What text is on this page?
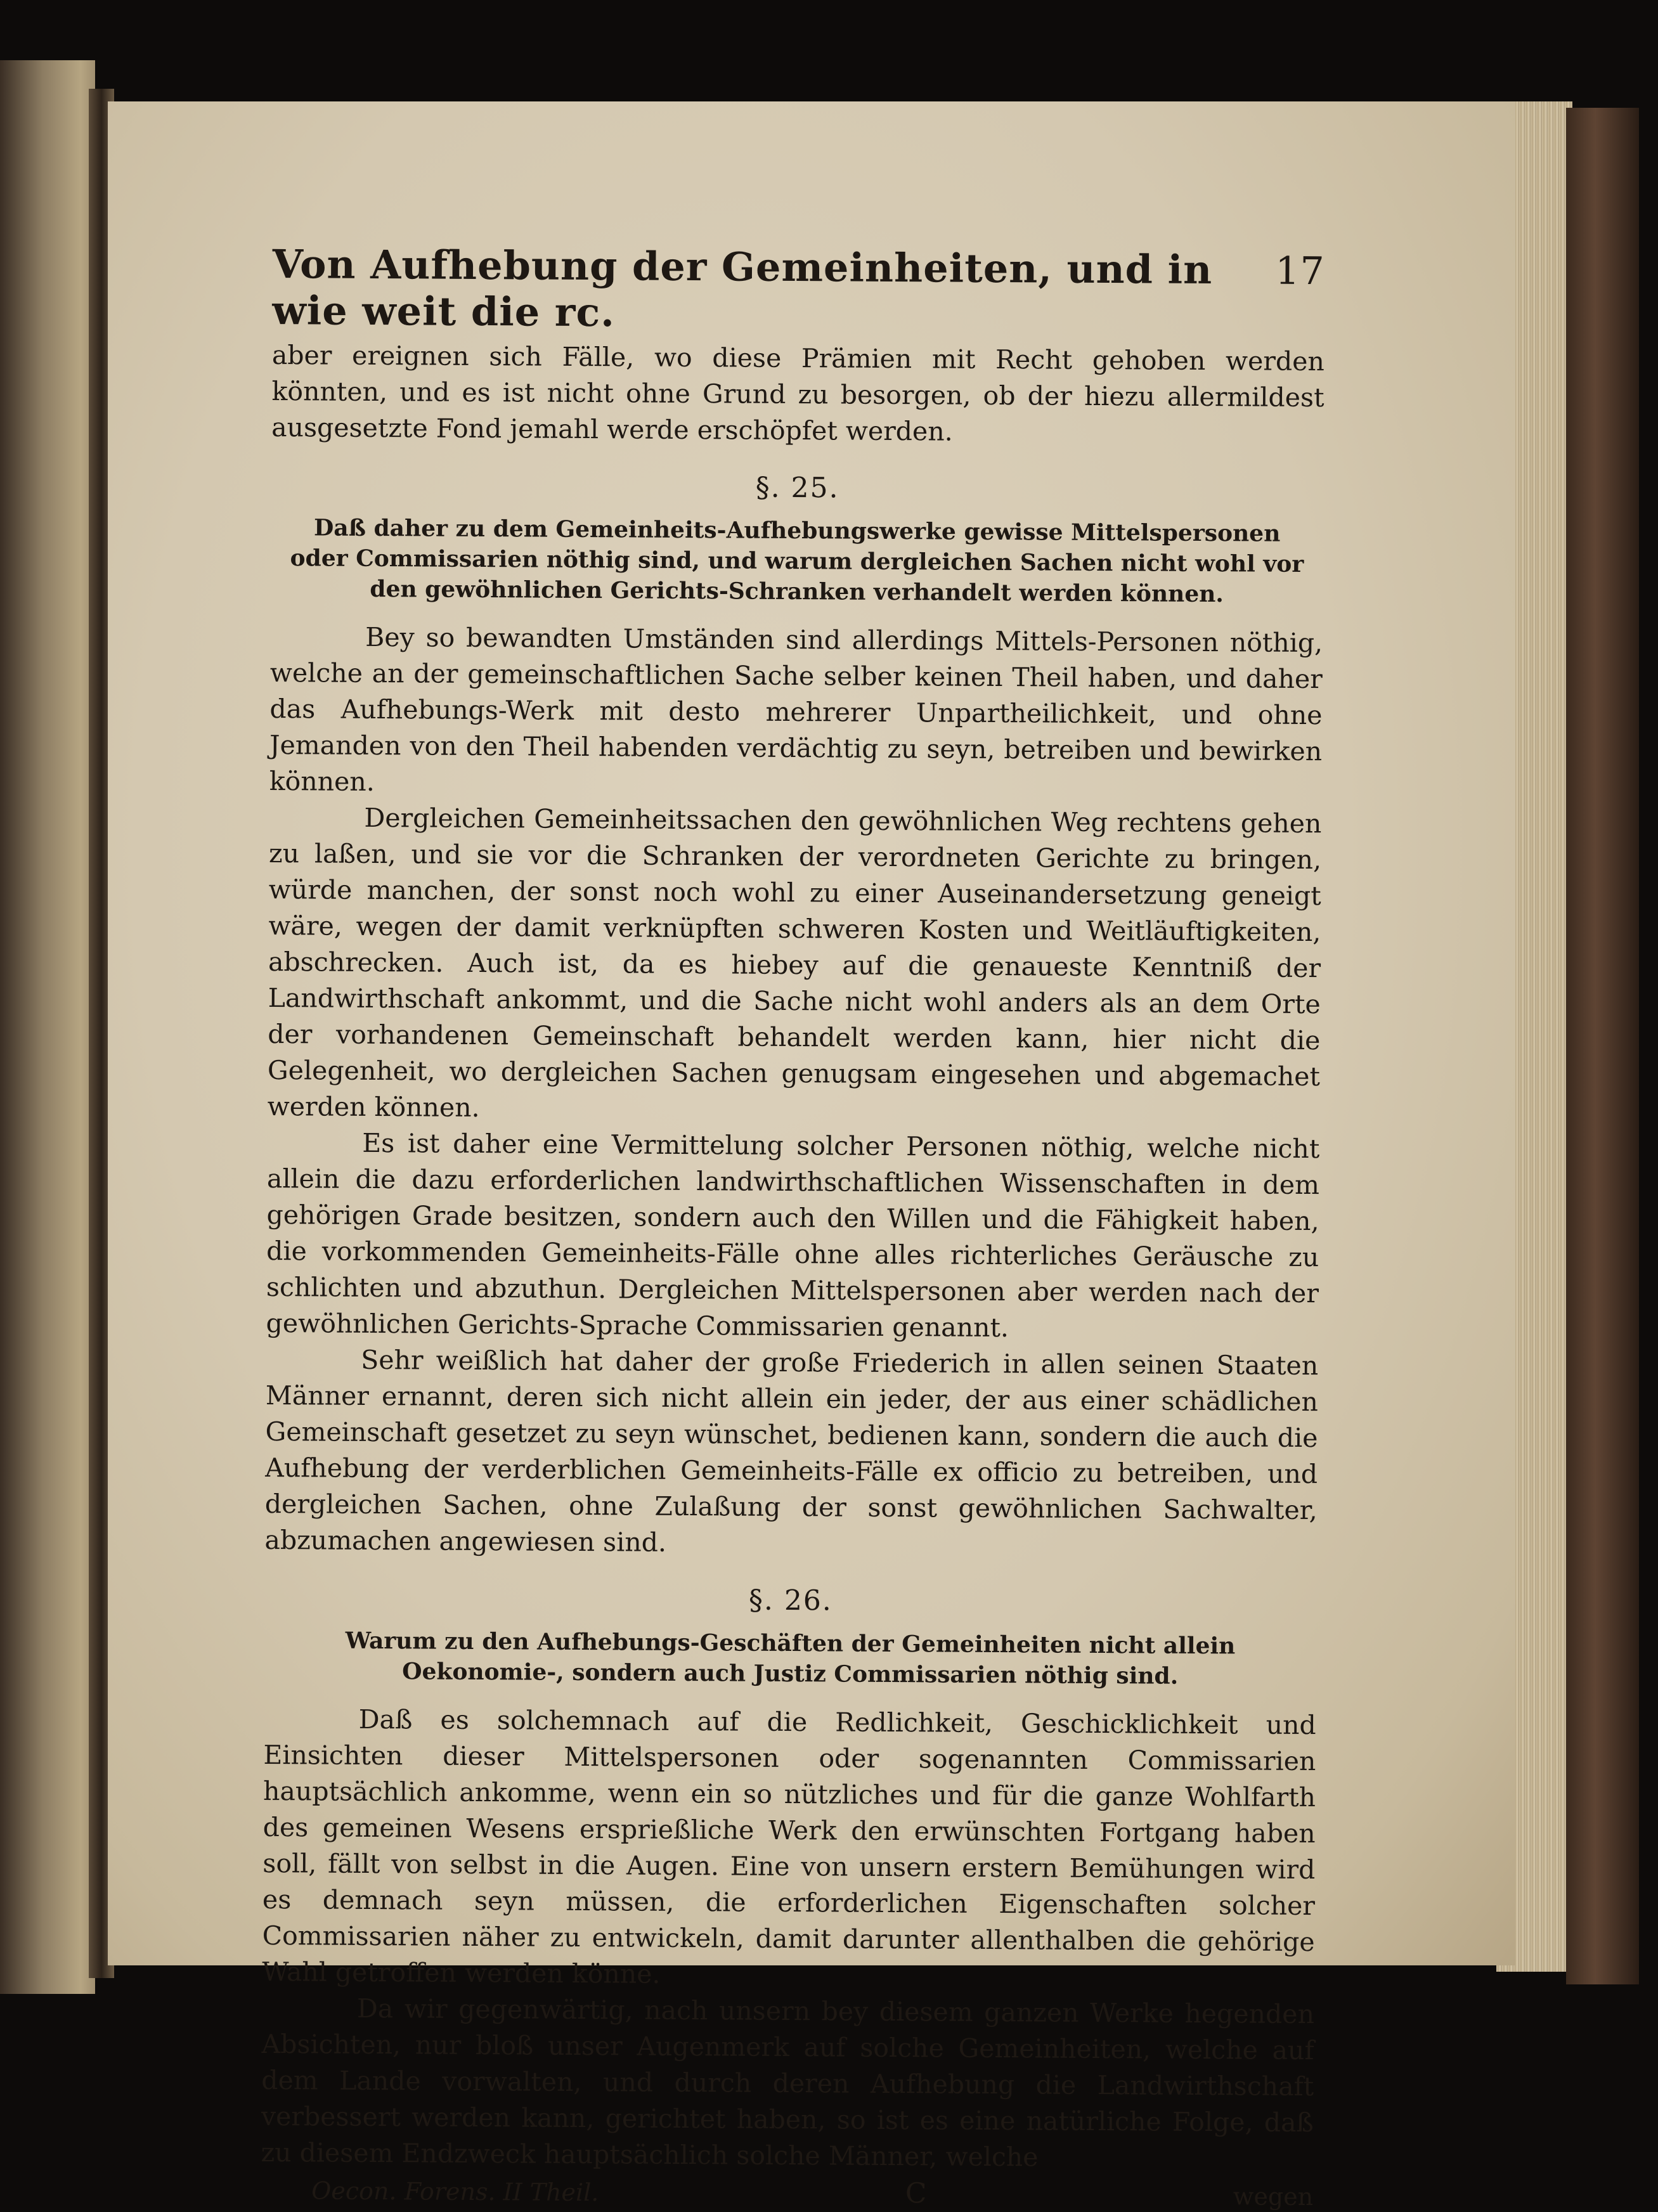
Von Aufhebung der Gemeinheiten, und in wie weit die rc.
17

aber ereignen sich Fälle, wo diese Prämien mit Recht gehoben werden könnten, und es ist nicht ohne Grund zu besorgen, ob der hiezu allermildest ausgesetzte Fond jemahl werde erschöpfet werden.

§. 25.
Daß daher zu dem Gemeinheits-Aufhebungswerke gewisse Mittelspersonen oder Commissarien nöthig sind, und warum dergleichen Sachen nicht wohl vor den gewöhnlichen Gerichts-Schranken verhandelt werden können.

Bey so bewandten Umständen sind allerdings Mittels-Personen nöthig, welche an der gemeinschaftlichen Sache selber keinen Theil haben, und daher das Aufhebungs-Werk mit desto mehrerer Unpartheilichkeit, und ohne Jemanden von den Theil habenden verdächtig zu seyn, betreiben und bewirken können.

Dergleichen Gemeinheitssachen den gewöhnlichen Weg rechtens gehen zu laßen, und sie vor die Schranken der verordneten Gerichte zu bringen, würde manchen, der sonst noch wohl zu einer Auseinandersetzung geneigt wäre, wegen der damit verknüpften schweren Kosten und Weitläuftigkeiten, abschrecken. Auch ist, da es hiebey auf die genaueste Kenntniß der Landwirthschaft ankommt, und die Sache nicht wohl anders als an dem Orte der vorhandenen Gemeinschaft behandelt werden kann, hier nicht die Gelegenheit, wo dergleichen Sachen genugsam eingesehen und abgemachet werden können.

Es ist daher eine Vermittelung solcher Personen nöthig, welche nicht allein die dazu erforderlichen landwirthschaftlichen Wissenschaften in dem gehörigen Grade besitzen, sondern auch den Willen und die Fähigkeit haben, die vorkommenden Gemeinheits-Fälle ohne alles richterliches Geräusche zu schlichten und abzuthun. Dergleichen Mittelspersonen aber werden nach der gewöhnlichen Gerichts-Sprache Commissarien genannt.

Sehr weißlich hat daher der große Friederich in allen seinen Staaten Männer ernannt, deren sich nicht allein ein jeder, der aus einer schädlichen Gemeinschaft gesetzet zu seyn wünschet, bedienen kann, sondern die auch die Aufhebung der verderblichen Gemeinheits-Fälle ex officio zu betreiben, und dergleichen Sachen, ohne Zulaßung der sonst gewöhnlichen Sachwalter, abzumachen angewiesen sind.

§. 26.
Warum zu den Aufhebungs-Geschäften der Gemeinheiten nicht allein Oekonomie-, sondern auch Justiz Commissarien nöthig sind.

Daß es solchemnach auf die Redlichkeit, Geschicklichkeit und Einsichten dieser Mittelspersonen oder sogenannten Commissarien hauptsächlich ankomme, wenn ein so nützliches und für die ganze Wohlfarth des gemeinen Wesens ersprießliche Werk den erwünschten Fortgang haben soll, fällt von selbst in die Augen. Eine von unsern erstern Bemühungen wird es demnach seyn müssen, die erforderlichen Eigenschaften solcher Commissarien näher zu entwickeln, damit darunter allenthalben die gehörige Wahl getroffen werden könne.

Da wir gegenwärtig, nach unsern bey diesem ganzen Werke hegenden Absichten, nur bloß unser Augenmerk auf solche Gemeinheiten, welche auf dem Lande vorwalten, und durch deren Aufhebung die Landwirthschaft verbessert werden kann, gerichtet haben, so ist es eine natürliche Folge, daß zu diesem Endzweck hauptsächlich solche Männer, welche

Oecon. Forens. II Theil.	C	wegen
